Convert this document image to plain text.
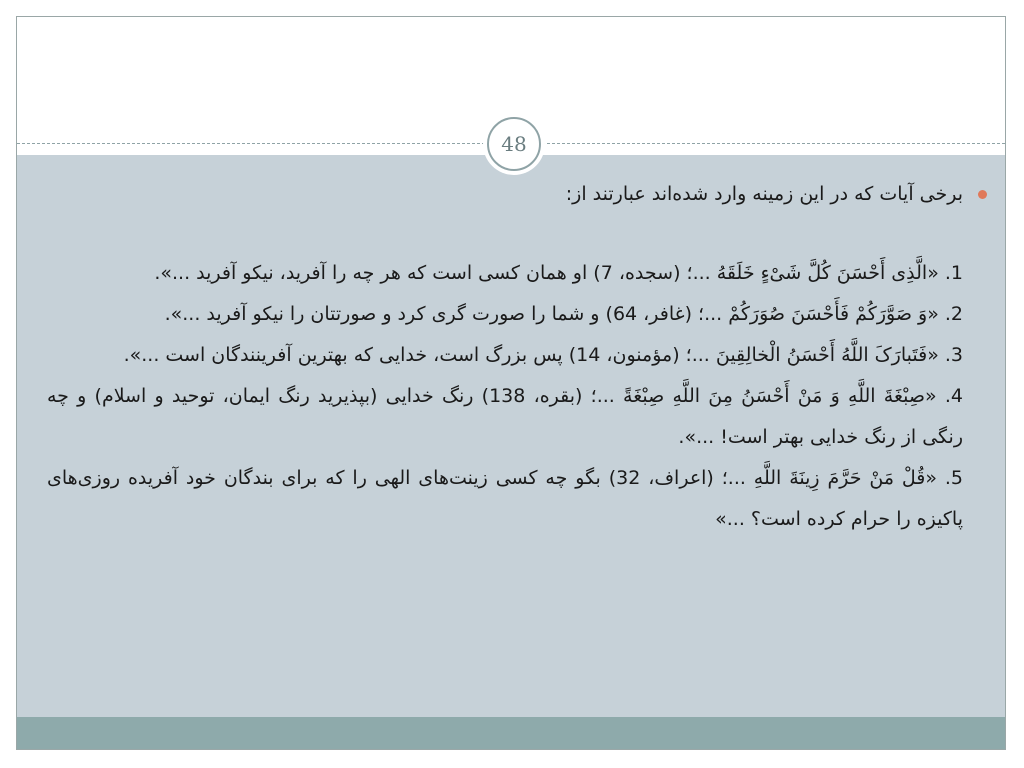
48
برخی آیات که در این زمینه وارد شده‌اند عبارتند از:
1. «الَّذِی أَحْسَنَ کُلَّ شَیْءٍ خَلَقَهُ ...؛ (سجده، 7) او همان کسی است که هر چه را آفرید، نیکو آفرید ...».
2. «وَ صَوَّرَکُمْ فَأَحْسَنَ صُوَرَکُمْ ...؛ (غافر، 64) و شما را صورت گری کرد و صورتتان را نیکو آفرید ...».
3. «فَتَبارَکَ اللَّهُ أَحْسَنُ الْخالِقِینَ ...؛ (مؤمنون، 14) پس بزرگ است، خدایی که بهترین آفرینندگان است ...».
4. «صِبْغَةَ اللَّهِ وَ مَنْ أَحْسَنُ مِنَ اللَّهِ صِبْغَةً ...؛ (بقره، 138) رنگ خدایی (بپذیرید رنگ ایمان، توحید و اسلام) و چه رنگی از رنگ خدایی بهتر است! ...».
5. «قُلْ مَنْ حَرَّمَ زِینَةَ اللَّهِ ...؛ (اعراف، 32) بگو چه کسی زینت‌های الهی را که برای بندگان خود آفریده روزی‌های پاکیزه را حرام کرده است؟ ...»
